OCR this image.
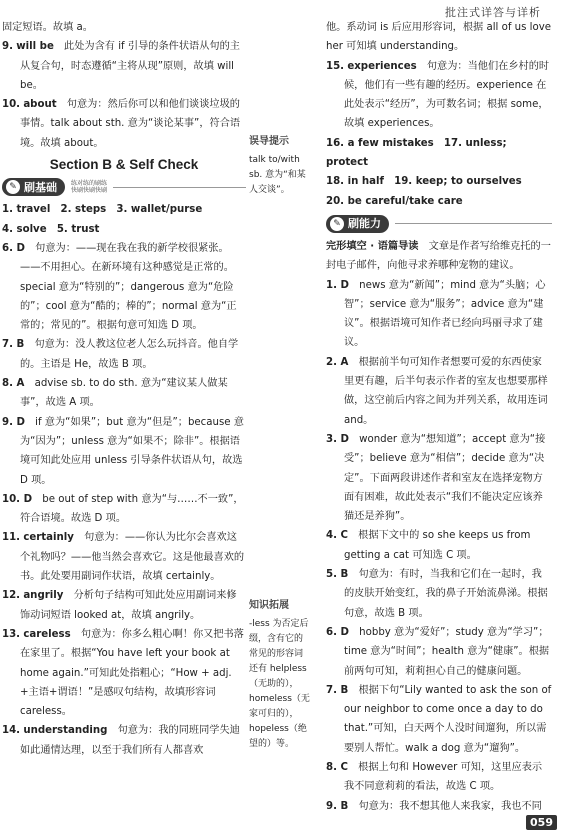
批注式详答与详析

固定短语。故填 a。

9. will be　 此处为含有 if 引导的条件状语从句的主从复合句，时态遵循“主将从现”原则，故填 will be。

10. about　 句意为：然后你可以和他们谈谈垃圾的事情。talk about sth. 意为“谈论某事”，符合语境。故填 about。

Section B & Self Check
✎ 刷基础 练对练的刷练
快刷快刷快刷
1. travel　 2. steps　 3. wallet/purse
4. solve　 5. trust

6. D　 句意为：——现在我在我的新学校很紧张。——不用担心。在新环境有这种感觉是正常的。special 意为“特别的”；dangerous 意为“危险的”；cool 意为“酷的；棒的”；normal 意为“正常的；常见的”。根据句意可知选 D 项。

7. B　 句意为：没人教这位老人怎么玩抖音。他自学的。主语是 He，故选 B 项。

8. A　 advise sb. to do sth. 意为“建议某人做某事”，故选 A 项。

9. D　 if 意为“如果”；but 意为“但是”；because 意为“因为”；unless 意为“如果不；除非”。根据语境可知此处应用 unless 引导条件状语从句，故选 D 项。

10. D　 be out of step with 意为“与……不一致”，符合语境。故选 D 项。

11. certainly　 句意为：——你认为比尔会喜欢这个礼物吗？——他当然会喜欢它。这是他最喜欢的书。此处要用副词作状语，故填 certainly。

12. angrily　 分析句子结构可知此处应用副词来修饰动词短语 looked at，故填 angrily。

13. careless　 句意为：你多么粗心啊！你又把书落在家里了。根据“You have left your book at home again.”可知此处指粗心；“How + adj. +主语+谓语！”是感叹句结构，故填形容词 careless。

14. understanding　 句意为：我的同班同学失迪如此通情达理，以至于我们所有人都喜欢

误导提示
talk to/with sb. 意为“和某人交谈”。
知识拓展
-less 为否定后缀，含有它的常见的形容词还有 helpless（无助的），homeless（无家可归的），hopeless（绝望的）等。

他。系动词 is 后应用形容词，根据 all of us love her 可知填 understanding。

15. experiences　 句意为：当他们在乡村的时候，他们有一些有趣的经历。experience 在此处表示“经历”，为可数名词；根据 some，故填 experiences。

16. a few mistakes　 17. unless; protect
18. in half　 19. keep; to ourselves
20. be careful/take care
✎ 刷能力

完形填空 · 语篇导读　 文章是作者写给维克托的一封电子邮件，向他寻求养哪种宠物的建议。

1. D　 news 意为“新闻”；mind 意为“头脑；心智”；service 意为“服务”；advice 意为“建议”。根据语境可知作者已经向玛丽寻求了建议。

2. A　 根据前半句可知作者想要可爱的东西使家里更有趣，后半句表示作者的室友也想要那样做，这空前后内容之间为并列关系，故用连词 and。

3. D　 wonder 意为“想知道”；accept 意为“接受”；believe 意为“相信”；decide 意为“决定”。下面两段讲述作者和室友在选择宠物方面有困难，故此处表示“我们不能决定应该养猫还是养狗”。

4. C　 根据下文中的 so she keeps us from getting a cat 可知选 C 项。

5. B　 句意为：有时，当我和它们在一起时，我的皮肤开始变红，我的鼻子开始流鼻涕。根据句意，故选 B 项。

6. D　 hobby 意为“爱好”；study 意为“学习”；time 意为“时间”；health 意为“健康”。根据前两句可知，莉莉担心自己的健康问题。

7. B　 根据下句“Lily wanted to ask the son of our neighbor to come once a day to do that.”可知，白天两个人没时间遛狗，所以需要别人帮忙。walk a dog 意为“遛狗”。

8. C　 根据上句和 However 可知，这里应表示我不同意莉莉的看法，故选 C 项。

9. B　 句意为：我不想其他人来我家，我也不同

059
